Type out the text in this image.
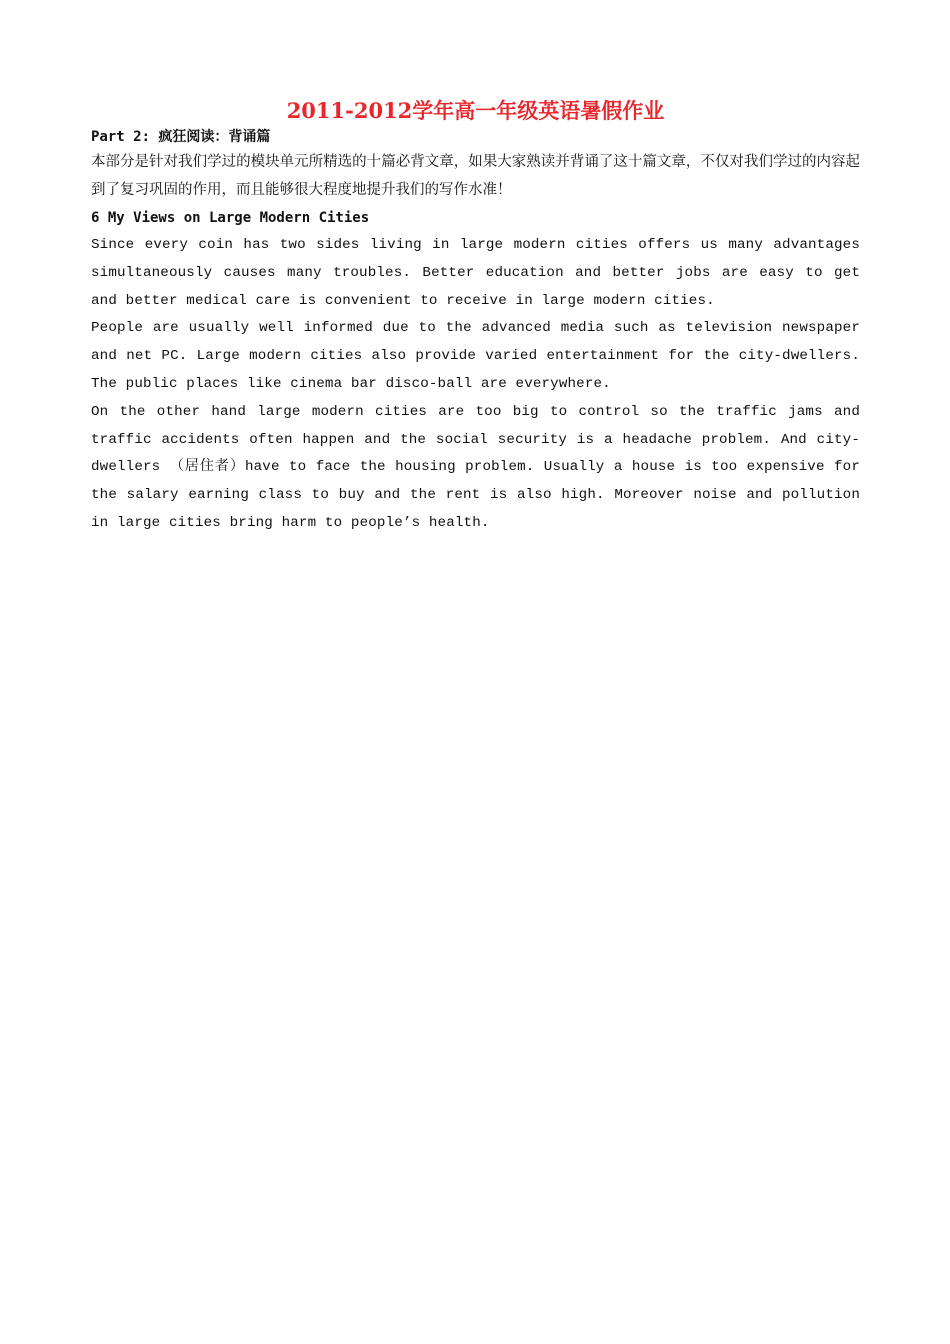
2011-2012学年高一年级英语暑假作业

Part 2: 疯狂阅读：背诵篇

本部分是针对我们学过的模块单元所精选的十篇必背文章，如果大家熟读并背诵了这十篇文章，不仅对我们学过的内容起到了复习巩固的作用，而且能够很大程度地提升我们的写作水准！

6 My Views on Large Modern Cities

Since every coin has two sides living in large modern cities offers us many advantages simultaneously causes many troubles. Better education and better jobs are easy to get and better medical care is convenient to receive in large modern cities.

People are usually well informed due to the advanced media such as television newspaper and net PC. Large modern cities also provide varied entertainment for the city-dwellers. The public places like cinema bar disco-ball are everywhere.

On the other hand large modern cities are too big to control so the traffic jams and traffic accidents often happen and the social security is a headache problem. And city-dwellers （居住者）have to face the housing problem. Usually a house is too expensive for the salary earning class to buy and the rent is also high. Moreover noise and pollution in large cities bring harm to people’s health.
